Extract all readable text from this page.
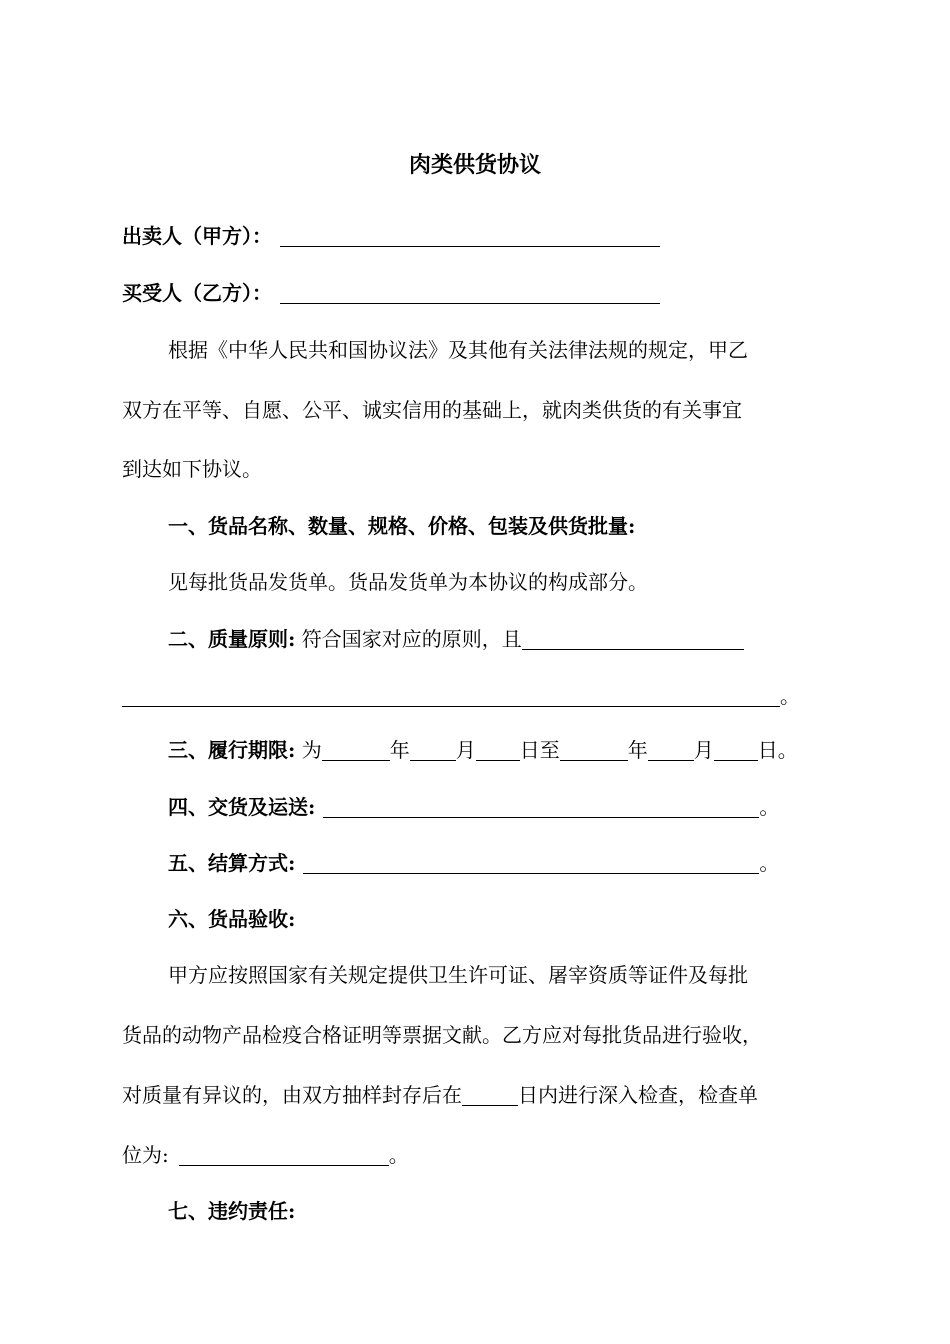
肉类供货协议
出卖人（甲方）：
买受人（乙方）：
根据《中华人民共和国协议法》及其他有关法律法规的规定，甲乙
双方在平等、自愿、公平、诚实信用的基础上，就肉类供货的有关事宜
到达如下协议。
一、货品名称、数量、规格、价格、包装及供货批量:
见每批货品发货单。货品发货单为本协议的构成部分。
二、质量原则: 符合国家对应的原则，且
。
三、履行期限: 为	年 月 日至	年 月 日。
四、交货及运送:	。
五、结算方式:	。
六、货品验收:
甲方应按照国家有关规定提供卫生许可证、屠宰资质等证件及每批
货品的动物产品检疫合格证明等票据文献。乙方应对每批货品进行验收，
对质量有异议的，由双方抽样封存后在	日内进行深入检查，检查单
位为:	。
七、违约责任:
